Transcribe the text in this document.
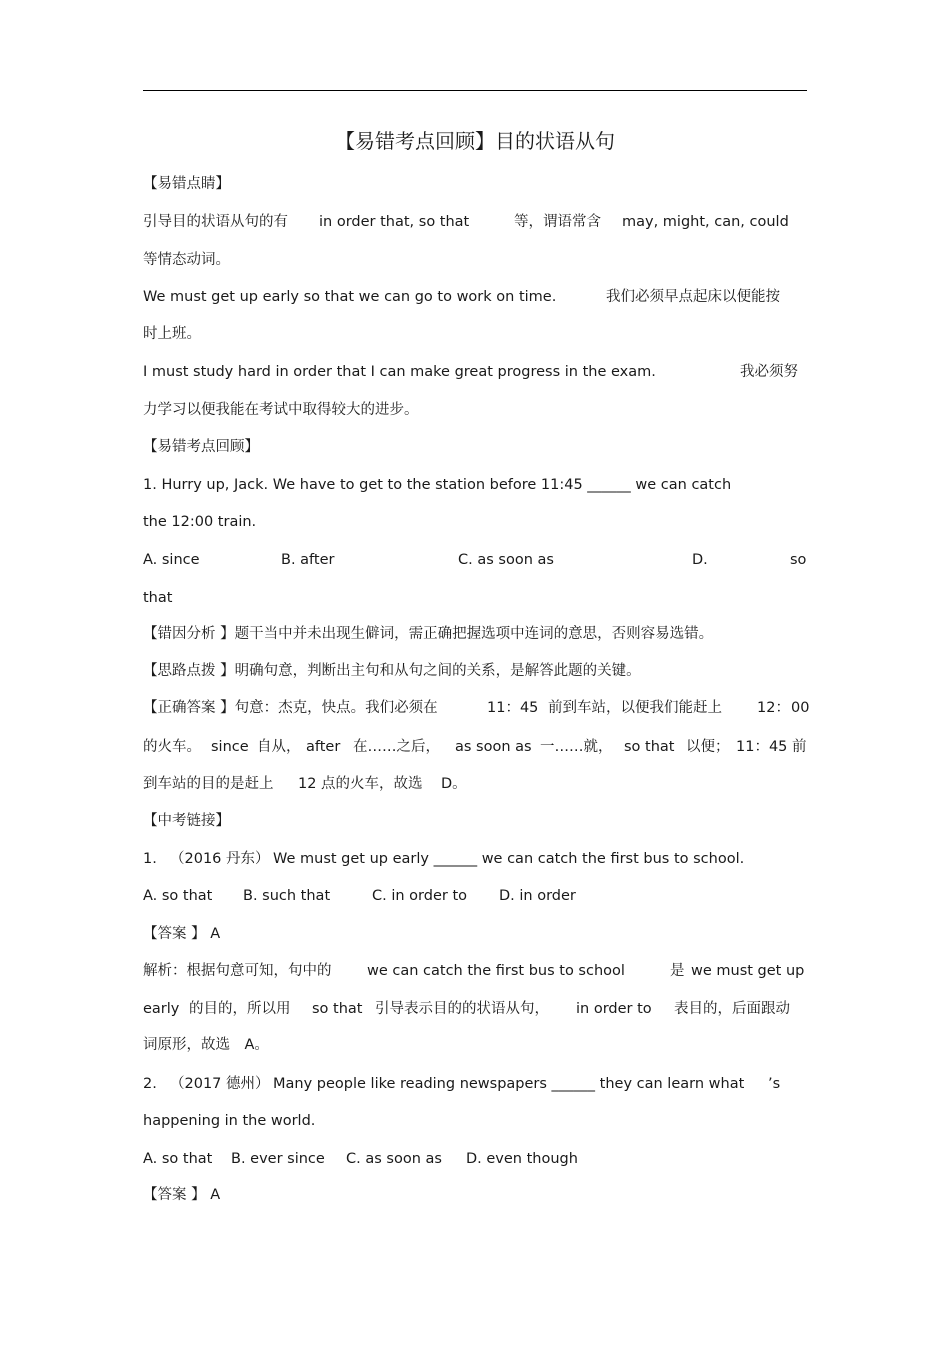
【易错考点回顾】目的状语从句
【易错点睛】
引导目的状语从句的有 in order that, so that	等，谓语常含 may, might, can, could
等情态动词。
We must get up early so that we can go to work on time.	我们必须早点起床以便能按
时上班。
I must study hard in order that I can make great progress in the exam.	我必须努
力学习以便我能在考试中取得较大的进步。
【易错考点回顾】
1. Hurry up, Jack. We have to get to the station before 11:45 ______ we can catch
the 12:00 train.
A. since	B. after	C. as soon as	D.	so
that
【错因分析 】题干当中并未出现生僻词，需正确把握选项中连词的意思，否则容易选错。
【思路点拨 】明确句意，判断出主句和从句之间的关系，是解答此题的关键。
【正确答案 】句意：杰克，快点。我们必须在	11：45 前到车站，以便我们能赶上 12： 00
的火车。 since 自从， after 在……之后， as soon as 一……就， so that 以便； 11：45 前
到车站的目的是赶上 12 点的火车，故选 D。
【中考链接】
1. （2016 丹东） We must get up early ______ we can catch the first bus to school.
A. so that B. such that	C. in order to D. in order
【答案 】 A
解析：根据句意可知，句中的 we can catch the first bus to school	是 we must get up
early 的目的，所以用 so that 引导表示目的的状语从句， in order to 表目的，后面跟动
词原形，故选　A。
2. （2017 德州） Many people like reading newspapers ______ they can learn what ’s
happening in the world.
A. so that B. ever since C. as soon as D. even though
【答案 】 A
